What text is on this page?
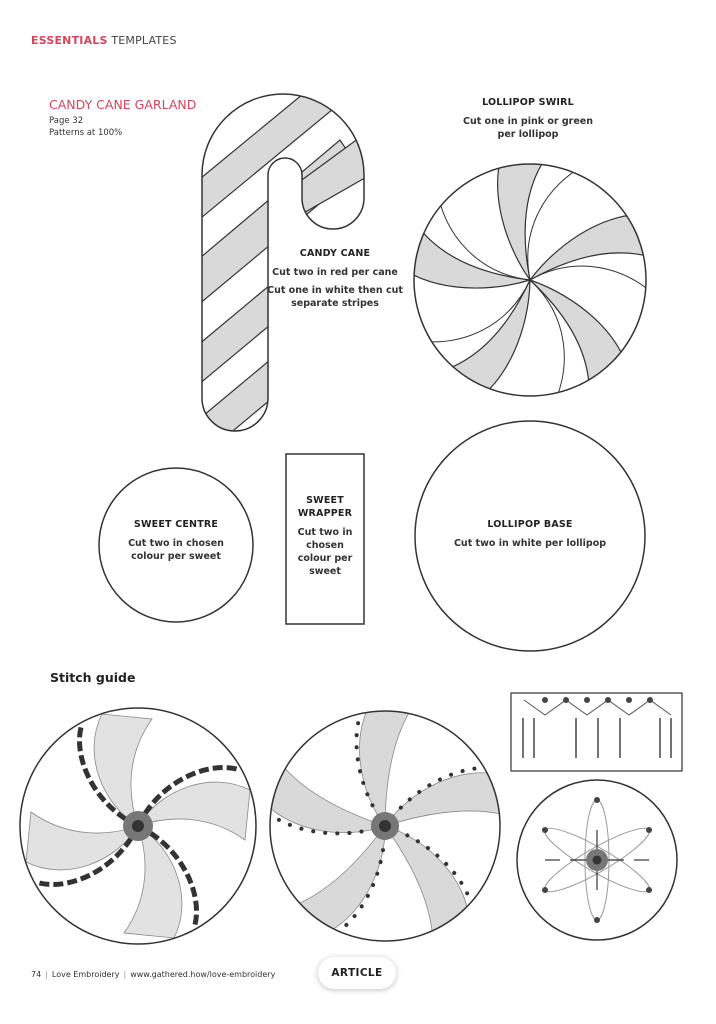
ESSENTIALS TEMPLATES
CANDY CANE GARLAND
Page 32
Patterns at 100%
CANDY CANE
Cut two in red per cane
Cut one in white then cut separate stripes
LOLLIPOP SWIRL
Cut one in pink or green per lollipop
SWEET CENTRE
Cut two in chosen colour per sweet
SWEET WRAPPER
Cut two in chosen colour per sweet
LOLLIPOP BASE
Cut two in white per lollipop
Stitch guide
74 | Love Embroidery | www.gathered.how/love-embroidery	ARTICLE
